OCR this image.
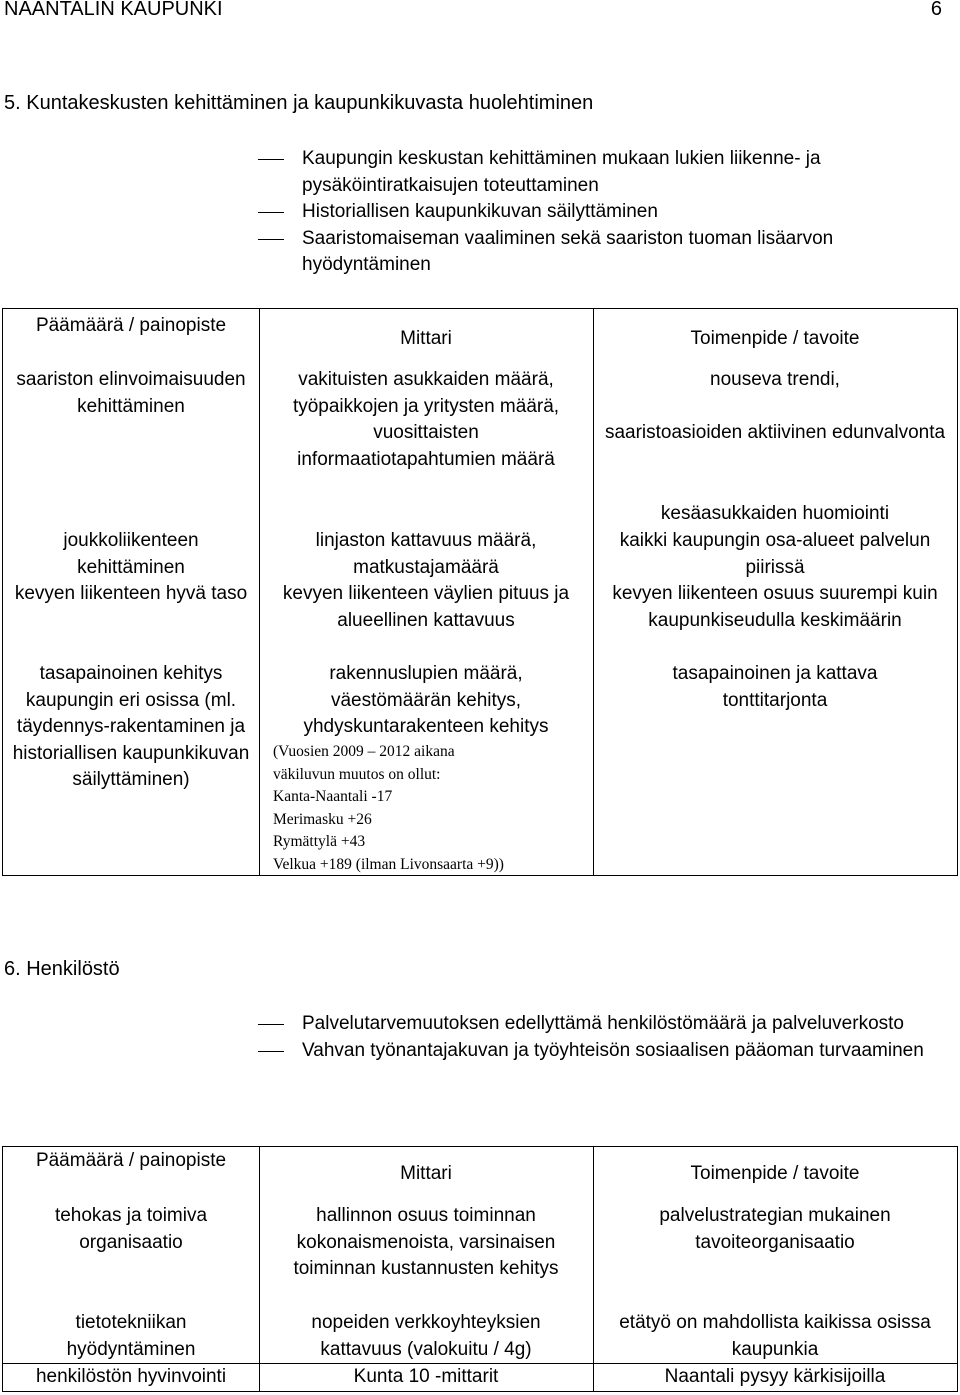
NAANTALIN KAUPUNKI	6
5. Kuntakeskusten kehittäminen ja kaupunkikuvasta huolehtiminen
Kaupungin keskustan kehittäminen mukaan lukien liikenne- ja pysäköintiratkaisujen toteuttaminen
Historiallisen kaupunkikuvan säilyttäminen
Saaristomaiseman vaaliminen sekä saariston tuoman lisäarvon hyödyntäminen
Päämäärä / painopiste
saariston elinvoimaisuuden kehittäminen
joukkoliikenteen kehittäminen
kevyen liikenteen hyvä taso
tasapainoinen kehitys kaupungin eri osissa (ml. täydennys-rakentaminen ja historiallisen kaupunkikuvan säilyttäminen)
Mittari
vakituisten asukkaiden määrä, työpaikkojen ja yritysten määrä, vuosittaisten informaatiotapahtumien määrä
linjaston kattavuus määrä, matkustajamäärä
kevyen liikenteen väylien pituus ja alueellinen kattavuus
rakennuslupien määrä, väestömäärän kehitys, yhdyskuntarakenteen kehitys
(Vuosien 2009 – 2012 aikana
väkiluvun muutos on ollut:
Kanta-Naantali -17
Merimasku +26
Rymättylä +43
Velkua +189 (ilman Livonsaarta +9))
Toimenpide / tavoite
nouseva trendi,
saaristoasioiden aktiivinen edunvalvonta
kesäasukkaiden huomiointi
kaikki kaupungin osa-alueet palvelun piirissä
kevyen liikenteen osuus suurempi kuin kaupunkiseudulla keskimäärin
tasapainoinen ja kattava tonttitarjonta
6. Henkilöstö
Palvelutarvemuutoksen edellyttämä henkilöstömäärä ja palveluverkosto
Vahvan työnantajakuvan ja työyhteisön sosiaalisen pääoman turvaaminen
Päämäärä / painopiste
tehokas ja toimiva organisaatio
tietotekniikan hyödyntäminen
henkilöstön hyvinvointi
Mittari
hallinnon osuus toiminnan kokonaismenoista, varsinaisen toiminnan kustannusten kehitys
nopeiden verkkoyhteyksien kattavuus (valokuitu / 4g)
Kunta 10 -mittarit
Toimenpide / tavoite
palvelustrategian mukainen tavoiteorganisaatio
etätyö on mahdollista kaikissa osissa kaupunkia
Naantali pysyy kärkisijoilla
